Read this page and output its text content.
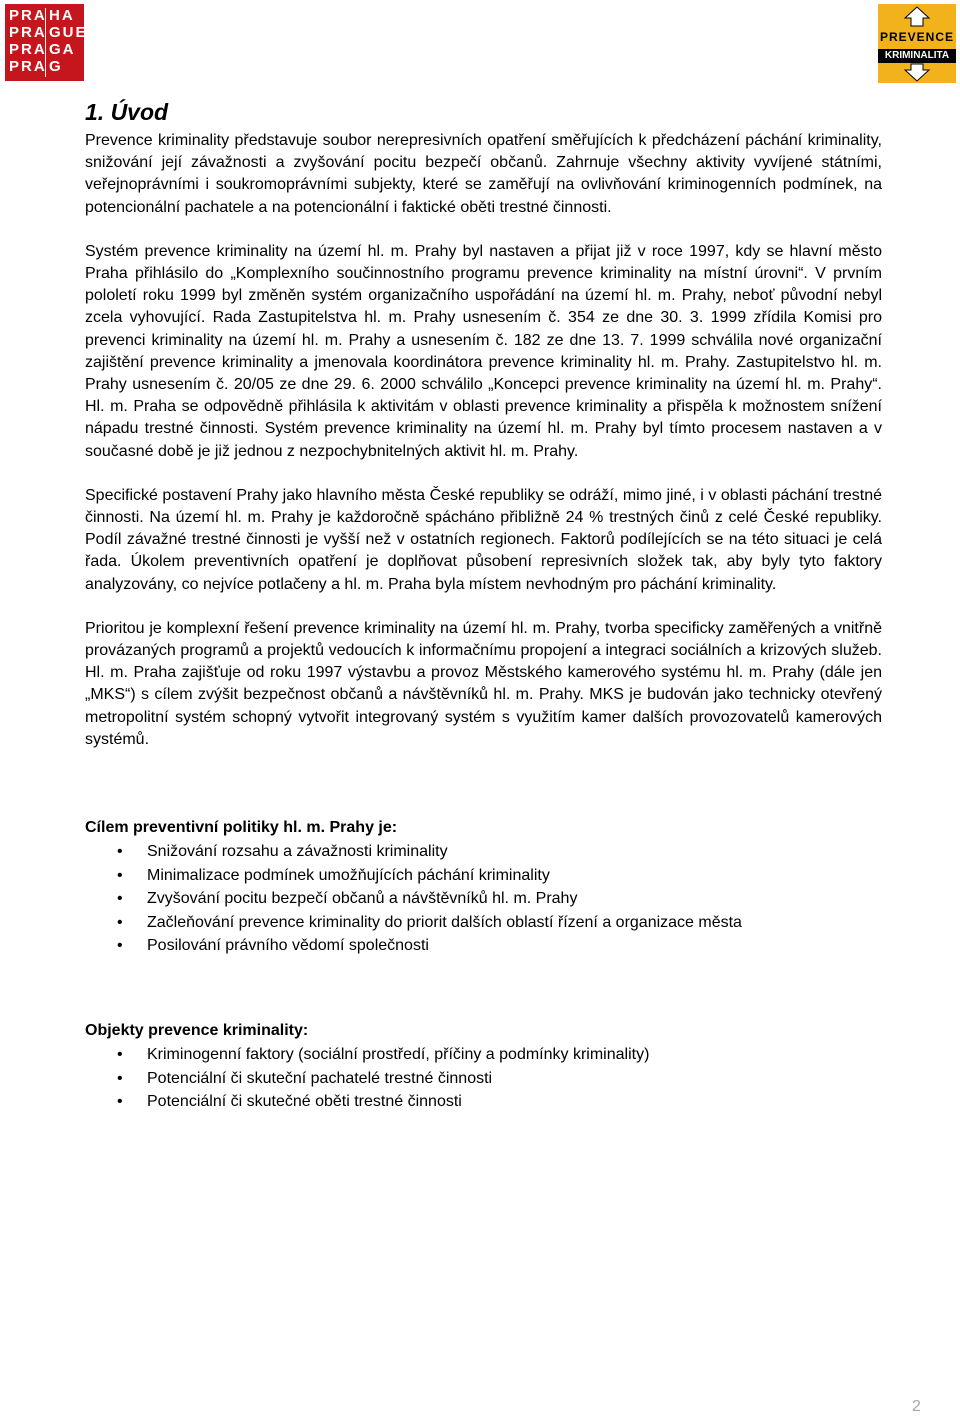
PRA HA
PRA GUE
PRA GA
PRA G
PREVENCE
KRIMINALITA
1. Úvod

Prevence kriminality představuje soubor nerepresivních opatření směřujících k předcházení páchání kriminality, snižování její závažnosti a zvyšování pocitu bezpečí občanů. Zahrnuje všechny aktivity vyvíjené státními, veřejnoprávními i soukromoprávními subjekty, které se zaměřují na ovlivňování kriminogenních podmínek, na potencionální pachatele a na potencionální i faktické oběti trestné činnosti.

Systém prevence kriminality na území hl. m. Prahy byl nastaven a přijat již v roce 1997, kdy se hlavní město Praha přihlásilo do „Komplexního součinnostního programu prevence kriminality na místní úrovni“. V prvním pololetí roku 1999 byl změněn systém organizačního uspořádání na území hl. m. Prahy, neboť původní nebyl zcela vyhovující. Rada Zastupitelstva hl. m. Prahy usnesením č. 354 ze dne 30. 3. 1999 zřídila Komisi pro prevenci kriminality na území hl. m. Prahy a usnesením č. 182 ze dne 13. 7. 1999 schválila nové organizační zajištění prevence kriminality a jmenovala koordinátora prevence kriminality hl. m. Prahy. Zastupitelstvo hl. m. Prahy usnesením č. 20/05 ze dne 29. 6. 2000 schválilo „Koncepci prevence kriminality na území hl. m. Prahy“. Hl. m. Praha se odpovědně přihlásila k aktivitám v oblasti prevence kriminality a přispěla k možnostem snížení nápadu trestné činnosti. Systém prevence kriminality na území hl. m. Prahy byl tímto procesem nastaven a v současné době je již jednou z nezpochybnitelných aktivit hl. m. Prahy.

Specifické postavení Prahy jako hlavního města České republiky se odráží, mimo jiné, i v oblasti páchání trestné činnosti. Na území hl. m. Prahy je každoročně spácháno přibližně 24 % trestných činů z celé České republiky. Podíl závažné trestné činnosti je vyšší než v ostatních regionech. Faktorů podílejících se na této situaci je celá řada. Úkolem preventivních opatření je doplňovat působení represivních složek tak, aby byly tyto faktory analyzovány, co nejvíce potlačeny a hl. m. Praha byla místem nevhodným pro páchání kriminality.

Prioritou je komplexní řešení prevence kriminality na území hl. m. Prahy, tvorba specificky zaměřených a vnitřně provázaných programů a projektů vedoucích k informačnímu propojení a integraci sociálních a krizových služeb. Hl. m. Praha zajišťuje od roku 1997 výstavbu a provoz Městského kamerového systému hl. m. Prahy (dále jen „MKS“) s cílem zvýšit bezpečnost občanů a návštěvníků hl. m. Prahy. MKS je budován jako technicky otevřený metropolitní systém schopný vytvořit integrovaný systém s využitím kamer dalších provozovatelů kamerových systémů.

Cílem preventivní politiky hl. m. Prahy je:

• Snižování rozsahu a závažnosti kriminality
• Minimalizace podmínek umožňujících páchání kriminality
• Zvyšování pocitu bezpečí občanů a návštěvníků hl. m. Prahy
• Začleňování prevence kriminality do priorit dalších oblastí řízení a organizace města
• Posilování právního vědomí společnosti

Objekty prevence kriminality:

• Kriminogenní faktory (sociální prostředí, příčiny a podmínky kriminality)
• Potenciální či skuteční pachatelé trestné činnosti
• Potenciální či skutečné oběti trestné činnosti
2
